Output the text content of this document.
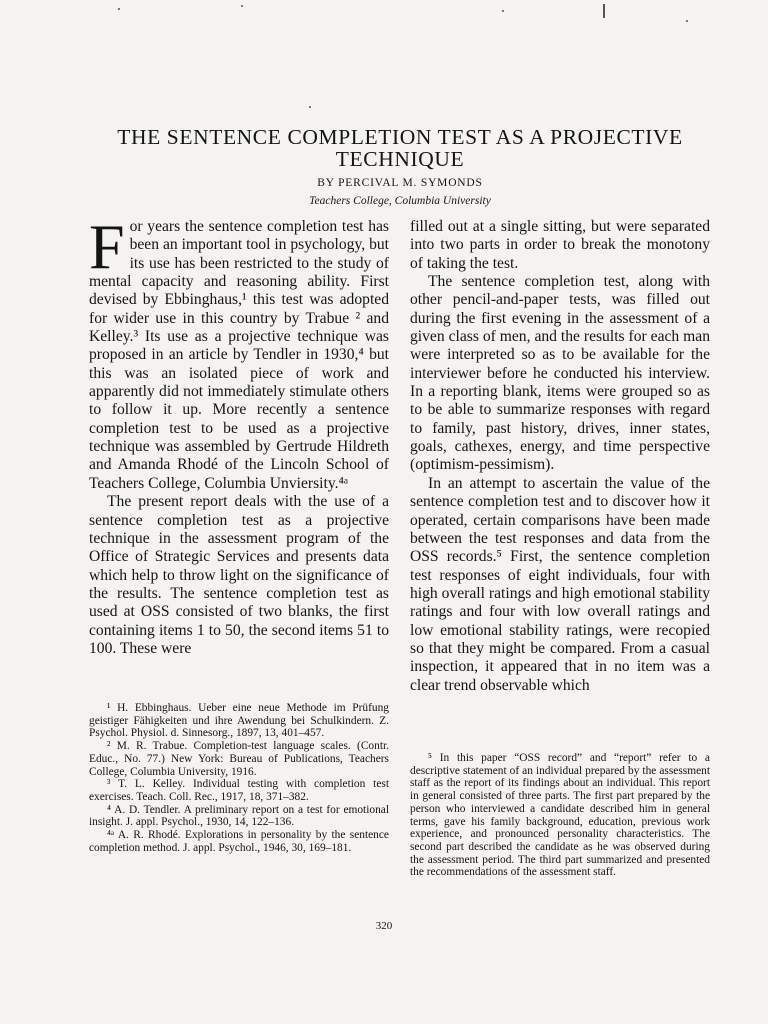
THE SENTENCE COMPLETION TEST AS A PROJECTIVE
TECHNIQUE
BY PERCIVAL M. SYMONDS
Teachers College, Columbia University
F or years the sentence completion test has been an important tool in psychology, but its use has been restricted to the study of mental capacity and reasoning ability. First devised by Ebbinghaus,¹ this test was adopted for wider use in this country by Trabue ² and Kelley.³ Its use as a projective technique was proposed in an article by Tendler in 1930,⁴ but this was an isolated piece of work and apparently did not immediately stimulate others to follow it up. More recently a sentence completion test to be used as a projective technique was assembled by Gertrude Hildreth and Amanda Rhodé of the Lincoln School of Teachers College, Columbia Unviersity.⁴ᵃ

The present report deals with the use of a sentence completion test as a projective technique in the assessment program of the Office of Strategic Services and presents data which help to throw light on the significance of the results. The sentence completion test as used at OSS consisted of two blanks, the first containing items 1 to 50, the second items 51 to 100. These were

filled out at a single sitting, but were separated into two parts in order to break the monotony of taking the test.

The sentence completion test, along with other pencil-and-paper tests, was filled out during the first evening in the assessment of a given class of men, and the results for each man were interpreted so as to be available for the interviewer before he conducted his interview. In a reporting blank, items were grouped so as to be able to summarize responses with regard to family, past history, drives, inner states, goals, cathexes, energy, and time perspective (optimism-pessimism).

In an attempt to ascertain the value of the sentence completion test and to discover how it operated, certain comparisons have been made between the test responses and data from the OSS records.⁵ First, the sentence completion test responses of eight individuals, four with high overall ratings and high emotional stability ratings and four with low overall ratings and low emotional stability ratings, were recopied so that they might be compared. From a casual inspection, it appeared that in no item was a clear trend observable which

¹ H. Ebbinghaus. Ueber eine neue Methode im Prüfung geistiger Fähigkeiten und ihre Awendung bei Schulkindern. Z. Psychol. Physiol. d. Sinnesorg., 1897, 13, 401–457.

² M. R. Trabue. Completion-test language scales. (Contr. Educ., No. 77.) New York: Bureau of Publications, Teachers College, Columbia University, 1916.

³ T. L. Kelley. Individual testing with completion test exercises. Teach. Coll. Rec., 1917, 18, 371–382.

⁴ A. D. Tendler. A preliminary report on a test for emotional insight. J. appl. Psychol., 1930, 14, 122–136.

⁴ᵃ A. R. Rhodé. Explorations in personality by the sentence completion method. J. appl. Psychol., 1946, 30, 169–181.

⁵ In this paper “OSS record” and “report” refer to a descriptive statement of an individual prepared by the assessment staff as the report of its findings about an individual. This report in general consisted of three parts. The first part prepared by the person who interviewed a candidate described him in general terms, gave his family background, education, previous work experience, and pronounced personality characteristics. The second part described the candidate as he was observed during the assessment period. The third part summarized and presented the recommendations of the assessment staff.

320
